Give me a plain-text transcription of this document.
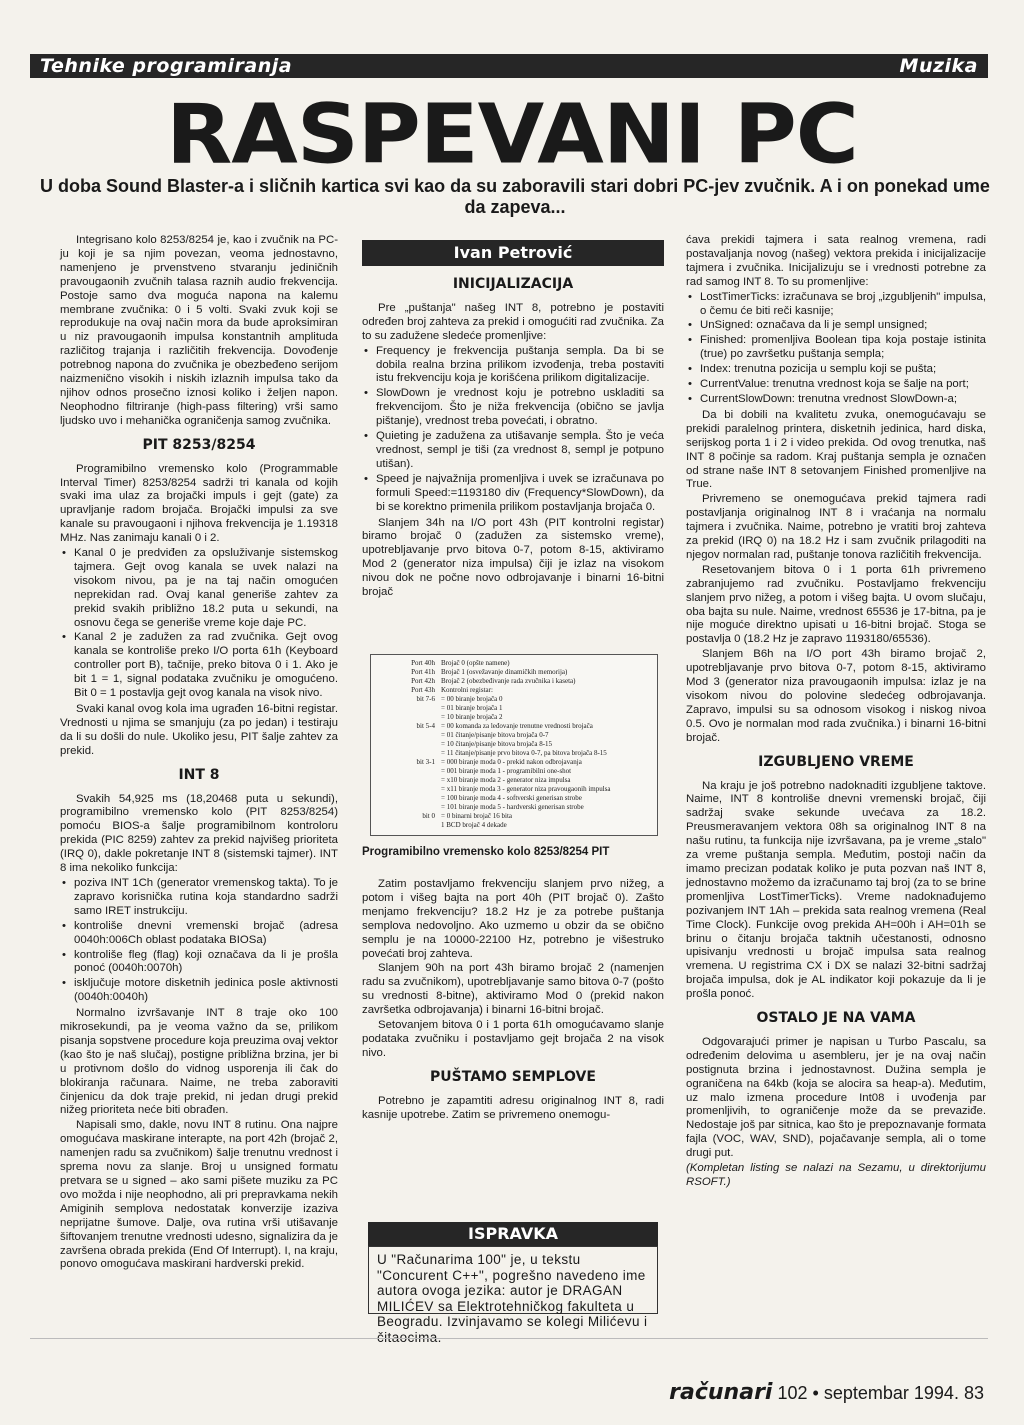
Tehnike programiranja	Muzika
RASPEVANI PC
U doba Sound Blaster-a i sličnih kartica svi kao da su zaboravili stari dobri PC-jev zvučnik. A i on ponekad ume da zapeva...

Integrisano kolo 8253/8254 je, kao i zvučnik na PC-ju koji je sa njim povezan, veoma jednostavno, namenjeno je prvenstveno stvaranju jediničnih pravougaonih zvučnih talasa raznih audio frekvencija. Postoje samo dva moguća napona na kalemu membrane zvučnika: 0 i 5 volti. Svaki zvuk koji se reprodukuje na ovaj način mora da bude aproksimiran u niz pravougaonih impulsa konstantnih amplituda različitog trajanja i različitih frekvencija. Dovođenje potrebnog napona do zvučnika je obezbeđeno serijom naizmenično visokih i niskih izlaznih impulsa tako da njihov odnos prosečno iznosi koliko i željen napon. Neophodno filtriranje (high-pass filtering) vrši samo ljudsko uvo i mehanička ograničenja samog zvučnika.

PIT 8253/8254

Programibilno vremensko kolo (Programmable Interval Timer) 8253/8254 sadrži tri kanala od kojih svaki ima ulaz za brojački impuls i gejt (gate) za upravljanje radom brojača. Brojački impulsi za sve kanale su pravougaoni i njihova frekvencija je 1.19318 MHz. Nas zanimaju kanali 0 i 2.

• Kanal 0 je predviđen za opsluživanje sistemskog tajmera. Gejt ovog kanala se uvek nalazi na visokom nivou, pa je na taj način omogućen neprekidan rad. Ovaj kanal generiše zahtev za prekid svakih približno 18.2 puta u sekundi, na osnovu čega se generiše vreme koje daje PC.
• Kanal 2 je zadužen za rad zvučnika. Gejt ovog kanala se kontroliše preko I/O porta 61h (Keyboard controller port B), tačnije, preko bitova 0 i 1. Ako je bit 1 = 1, signal podataka zvučniku je omogućeno. Bit 0 = 1 postavlja gejt ovog kanala na visok nivo.

Svaki kanal ovog kola ima ugrađen 16-bitni registar. Vrednosti u njima se smanjuju (za po jedan) i testiraju da li su došli do nule. Ukoliko jesu, PIT šalje zahtev za prekid.

INT 8

Svakih 54,925 ms (18,20468 puta u sekundi), programibilno vremensko kolo (PIT 8253/8254) pomoću BIOS-a šalje programibilnom kontroloru prekida (PIC 8259) zahtev za prekid najvišeg prioriteta (IRQ 0), dakle pokretanje INT 8 (sistemski tajmer). INT 8 ima nekoliko funkcija:

• poziva INT 1Ch (generator vremenskog takta). To je zapravo korisnička rutina koja standardno sadrži samo IRET instrukciju.
• kontroliše dnevni vremenski brojač (adresa 0040h:006Ch oblast podataka BIOSa)
• kontroliše fleg (flag) koji označava da li je prošla ponoć (0040h:0070h)
• isključuje motore disketnih jedinica posle aktivnosti (0040h:0040h)

Normalno izvršavanje INT 8 traje oko 100 mikrosekundi, pa je veoma važno da se, prilikom pisanja sopstvene procedure koja preuzima ovaj vektor (kao što je naš slučaj), postigne približna brzina, jer bi u protivnom došlo do vidnog usporenja ili čak do blokiranja računara. Naime, ne treba zaboraviti činjenicu da dok traje prekid, ni jedan drugi prekid nižeg prioriteta neće biti obrađen.

Napisali smo, dakle, novu INT 8 rutinu. Ona najpre omogućava maskirane interapte, na port 42h (brojač 2, namenjen radu sa zvučnikom) šalje trenutnu vrednost i sprema novu za slanje. Broj u unsigned formatu pretvara se u signed – ako sami pišete muziku za PC ovo možda i nije neophodno, ali pri prepravkama nekih Amiginih semplova nedostatak konverzije izaziva neprijatne šumove. Dalje, ova rutina vrši utišavanje šiftovanjem trenutne vrednosti udesno, signalizira da je završena obrada prekida (End Of Interrupt). I, na kraju, ponovo omogućava maskirani hardverski prekid.

Ivan Petrović
INICIJALIZACIJA

Pre „puštanja" našeg INT 8, potrebno je postaviti određen broj zahteva za prekid i omogućiti rad zvučnika. Za to su zadužene sledeće promenljive:

• Frequency je frekvencija puštanja sempla. Da bi se dobila realna brzina prilikom izvođenja, treba postaviti istu frekvenciju koja je korišćena prilikom digitalizacije.
• SlowDown je vrednost koju je potrebno uskladiti sa frekvencijom. Što je niža frekvencija (obično se javlja pištanje), vrednost treba povećati, i obratno.
• Quieting je zadužena za utišavanje sempla. Što je veća vrednost, sempl je tiši (za vrednost 8, sempl je potpuno utišan).
• Speed je najvažnija promenljiva i uvek se izračunava po formuli Speed:=1193180 div (Frequency*SlowDown), da bi se korektno primenila prilikom postavljanja brojača 0.

Slanjem 34h na I/O port 43h (PIT kontrolni registar) biramo brojač 0 (zadužen za sistemsko vreme), upotrebljavanje prvo bitova 0-7, potom 8-15, aktiviramo Mod 2 (generator niza impulsa) čiji je izlaz na visokom nivou dok ne počne novo odbrojavanje i binarni 16-bitni brojač

Port 40h Brojač 0 (opšte namene)
Port 41h Brojač 1 (osvežavanje dinamičkih memorija)
Port 42h Brojač 2 (obezbeđivanje rada zvučnika i kaseta)
Port 43h Kontrolni registar:
bit 7-6 = 00 biranje brojača 0
= 01 biranje brojača 1
= 10 biranje brojača 2
bit 5-4 = 00 komanda za leđovanje trenutne vrednosti brojača
= 01 čitanje/pisanje bitova brojača 0-7
= 10 čitanje/pisanje bitova brojača 8-15
= 11 čitanje/pisanje prvo bitova 0-7, pa bitova brojača 8-15
bit 3-1 = 000 biranje moda 0 - prekid nakon odbrojavanja
= 001 biranje moda 1 - programibilni one-shot
= x10 biranje moda 2 - generator niza impulsa
= x11 biranje moda 3 - generator niza pravougaonih impulsa
= 100 biranje moda 4 - softverski generisan strobe
= 101 biranje moda 5 - hardverski generisan strobe
bit 0 = 0 binarni brojač 16 bita
1 BCD brojač 4 dekade
Programibilno vremensko kolo 8253/8254 PIT

Zatim postavljamo frekvenciju slanjem prvo nižeg, a potom i višeg bajta na port 40h (PIT brojač 0). Zašto menjamo frekvenciju? 18.2 Hz je za potrebe puštanja semplova nedovoljno. Ako uzmemo u obzir da se obično semplu je na 10000-22100 Hz, potrebno je višestruko povećati broj zahteva.

Slanjem 90h na port 43h biramo brojač 2 (namenjen radu sa zvučnikom), upotrebljavanje samo bitova 0-7 (pošto su vrednosti 8-bitne), aktiviramo Mod 0 (prekid nakon završetka odbrojavanja) i binarni 16-bitni brojač.

Setovanjem bitova 0 i 1 porta 61h omogućavamo slanje podataka zvučniku i postavljamo gejt brojača 2 na visok nivo.

PUŠTAMO SEMPLOVE

Potrebno je zapamtiti adresu originalnog INT 8, radi kasnije upotrebe. Zatim se privremeno onemogu-

ISPRAVKA
U "Računarima 100" je, u tekstu "Concurent C++", pogrešno navedeno ime autora ovoga jezika: autor je DRAGAN MILIĆEV sa Elektrotehničkog fakulteta u Beogradu. Izvinjavamo se kolegi Milićevu i čitaocima.

ćava prekidi tajmera i sata realnog vremena, radi postavaljanja novog (našeg) vektora prekida i inicijalizacije tajmera i zvučnika. Inicijalizuju se i vrednosti potrebne za rad samog INT 8. To su promenljive:

• LostTimerTicks: izračunava se broj „izgubljenih" impulsa, o čemu će biti reči kasnije;
• UnSigned: označava da li je sempl unsigned;
• Finished: promenljiva Boolean tipa koja postaje istinita (true) po završetku puštanja sempla;
• Index: trenutna pozicija u semplu koji se pušta;
• CurrentValue: trenutna vrednost koja se šalje na port;
• CurrentSlowDown: trenutna vrednost SlowDown-a;

Da bi dobili na kvalitetu zvuka, onemogućavaju se prekidi paralelnog printera, disketnih jedinica, hard diska, serijskog porta 1 i 2 i video prekida. Od ovog trenutka, naš INT 8 počinje sa radom. Kraj puštanja sempla je označen od strane naše INT 8 setovanjem Finished promenljive na True.

Privremeno se onemogućava prekid tajmera radi postavljanja originalnog INT 8 i vraćanja na normalu tajmera i zvučnika. Naime, potrebno je vratiti broj zahteva za prekid (IRQ 0) na 18.2 Hz i sam zvučnik prilagoditi na njegov normalan rad, puštanje tonova različitih frekvencija.

Resetovanjem bitova 0 i 1 porta 61h privremeno zabranjujemo rad zvučniku. Postavljamo frekvenciju slanjem prvo nižeg, a potom i višeg bajta. U ovom slučaju, oba bajta su nule. Naime, vrednost 65536 je 17-bitna, pa je nije moguće direktno upisati u 16-bitni brojač. Stoga se postavlja 0 (18.2 Hz je zapravo 1193180/65536).

Slanjem B6h na I/O port 43h biramo brojač 2, upotrebljavanje prvo bitova 0-7, potom 8-15, aktiviramo Mod 3 (generator niza pravougaonih impulsa: izlaz je na visokom nivou do polovine sledećeg odbrojavanja. Zapravo, impulsi su sa odnosom visokog i niskog nivoa 0.5. Ovo je normalan mod rada zvučnika.) i binarni 16-bitni brojač.

IZGUBLJENO VREME

Na kraju je još potrebno nadoknaditi izgubljene taktove. Naime, INT 8 kontroliše dnevni vremenski brojač, čiji sadržaj svake sekunde uvećava za 18.2. Preusmeravanjem vektora 08h sa originalnog INT 8 na našu rutinu, ta funkcija nije izvršavana, pa je vreme „stalo" za vreme puštanja sempla. Međutim, postoji način da imamo precizan podatak koliko je puta pozvan naš INT 8, jednostavno možemo da izračunamo taj broj (za to se brine promenljiva LostTimerTicks). Vreme nadoknađujemo pozivanjem INT 1Ah – prekida sata realnog vremena (Real Time Clock). Funkcije ovog prekida AH=00h i AH=01h se brinu o čitanju brojača taktnih učestanosti, odnosno upisivanju vrednosti u brojač impulsa sata realnog vremena. U registrima CX i DX se nalazi 32-bitni sadržaj brojača impulsa, dok je AL indikator koji pokazuje da li je prošla ponoć.

OSTALO JE NA VAMA

Odgovarajući primer je napisan u Turbo Pascalu, sa određenim delovima u asembleru, jer je na ovaj način postignuta brzina i jednostavnost. Dužina sempla je ograničena na 64kb (koja se alocira sa heap-a). Međutim, uz malo izmena procedure Int08 i uvođenja par promenljivih, to ograničenje može da se prevaziđe. Nedostaje još par sitnica, kao što je prepoznavanje formata fajla (VOC, WAV, SND), pojačavanje sempla, ali o tome drugi put.

(Kompletan listing se nalazi na Sezamu, u direktorijumu RSOFT.)

računari 102 • septembar 1994. 83
